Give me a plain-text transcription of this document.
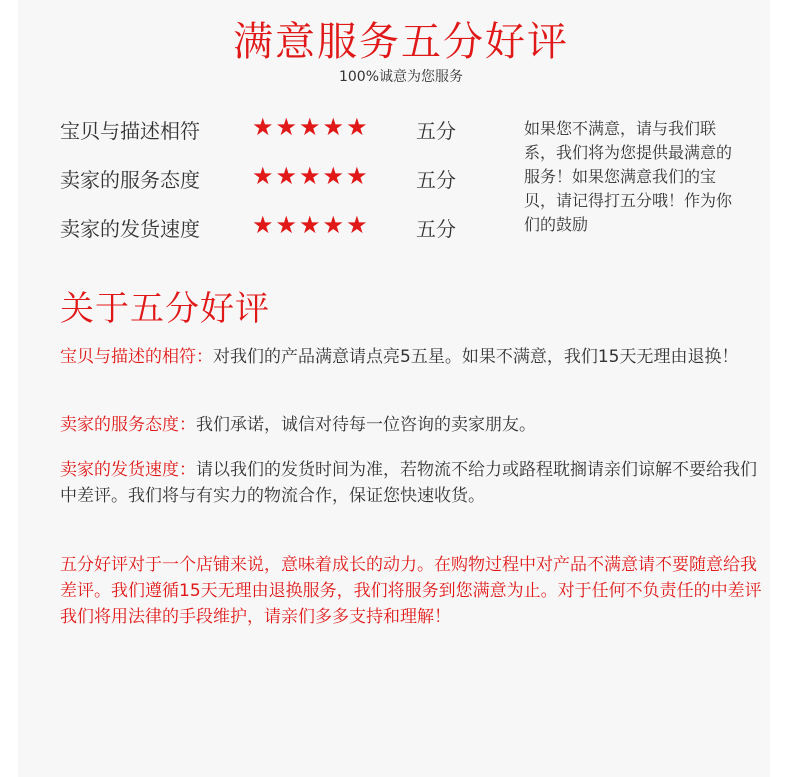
满意服务五分好评
100%诚意为您服务
宝贝与描述相符 ★★★★★ 五分
卖家的服务态度 ★★★★★ 五分
卖家的发货速度 ★★★★★ 五分
如果您不满意，请与我们联系，我们将为您提供最满意的服务！如果您满意我们的宝贝，请记得打五分哦！作为你们的鼓励
关于五分好评
宝贝与描述的相符：对我们的产品满意请点亮5五星。如果不满意，我们15天无理由退换！
卖家的服务态度：我们承诺，诚信对待每一位咨询的卖家朋友。
卖家的发货速度：请以我们的发货时间为准，若物流不给力或路程耽搁请亲们谅解不要给我们中差评。我们将与有实力的物流合作，保证您快速收货。
五分好评对于一个店铺来说，意味着成长的动力。在购物过程中对产品不满意请不要随意给我差评。我们遵循15天无理由退换服务，我们将服务到您满意为止。对于任何不负责任的中差评我们将用法律的手段维护，请亲们多多支持和理解！
